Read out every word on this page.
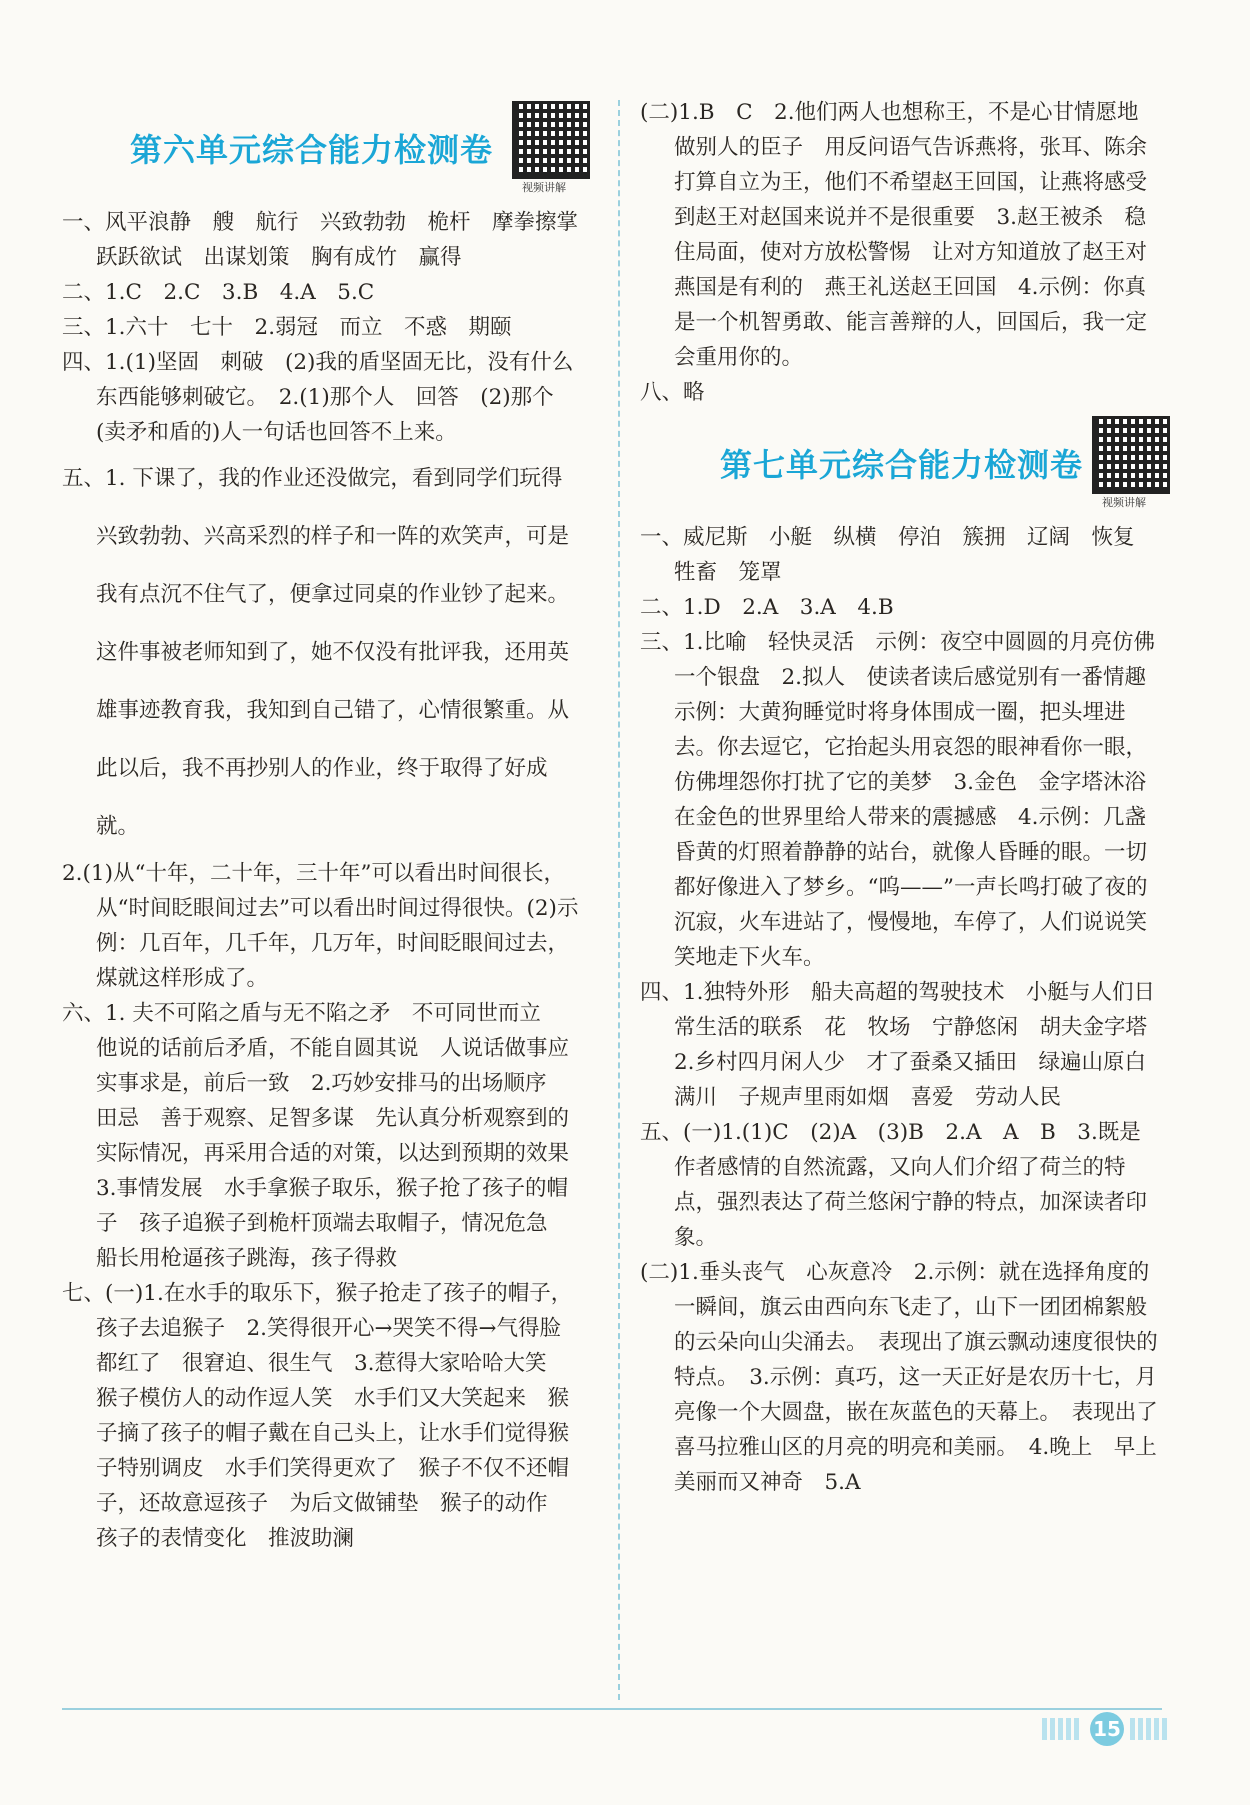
第六单元综合能力检测卷
视频讲解

一、风平浪静　艘　航行　兴致勃勃　桅杆　摩拳擦掌　跃跃欲试　出谋划策　胸有成竹　赢得

二、1.C　2.C　3.B　4.A　5.C

三、1.六十　七十　2.弱冠　而立　不惑　期颐

四、1.(1)坚固　刺破　(2)我的盾坚固无比，没有什么东西能够刺破它。　2.(1)那个人　回答　(2)那个(卖矛和盾的)人一句话也回答不上来。

五、1. 下课了，我的作业还没做完，看到同学们玩得兴致勃勃、兴高采烈的样子和一阵的欢笑声，可是我有点沉不住气了，便拿过同桌的作业钞了起来。这件事被老师知到了，她不仅没有批评我，还用英雄事迹教育我，我知到自己错了，心情很繁重。从此以后，我不再抄别人的作业，终于取得了好成就。

2.(1)从“十年，二十年，三十年”可以看出时间很长，从“时间眨眼间过去”可以看出时间过得很快。(2)示例：几百年，几千年，几万年，时间眨眼间过去，煤就这样形成了。

六、1. 夫不可陷之盾与无不陷之矛　不可同世而立　他说的话前后矛盾，不能自圆其说　人说话做事应实事求是，前后一致　2.巧妙安排马的出场顺序　田忌　善于观察、足智多谋　先认真分析观察到的实际情况，再采用合适的对策，以达到预期的效果　3.事情发展　水手拿猴子取乐，猴子抢了孩子的帽子　孩子追猴子到桅杆顶端去取帽子，情况危急　船长用枪逼孩子跳海，孩子得救

七、(一)1.在水手的取乐下，猴子抢走了孩子的帽子，孩子去追猴子　2.笑得很开心→哭笑不得→气得脸都红了　很窘迫、很生气　3.惹得大家哈哈大笑　猴子模仿人的动作逗人笑　水手们又大笑起来　猴子摘了孩子的帽子戴在自己头上，让水手们觉得猴子特别调皮　水手们笑得更欢了　猴子不仅不还帽子，还故意逗孩子　为后文做铺垫　猴子的动作　孩子的表情变化　推波助澜

(二)1.B　C　2.他们两人也想称王，不是心甘情愿地做别人的臣子　用反问语气告诉燕将，张耳、陈余打算自立为王，他们不希望赵王回国，让燕将感受到赵王对赵国来说并不是很重要　3.赵王被杀　稳住局面，使对方放松警惕　让对方知道放了赵王对燕国是有利的　燕王礼送赵王回国　4.示例：你真是一个机智勇敢、能言善辩的人，回国后，我一定会重用你的。

八、略

第七单元综合能力检测卷
视频讲解

一、威尼斯　小艇　纵横　停泊　簇拥　辽阔　恢复　牲畜　笼罩

二、1.D　2.A　3.A　4.B

三、1.比喻　轻快灵活　示例：夜空中圆圆的月亮仿佛一个银盘　2.拟人　使读者读后感觉别有一番情趣　示例：大黄狗睡觉时将身体围成一圈，把头埋进去。你去逗它，它抬起头用哀怨的眼神看你一眼，仿佛埋怨你打扰了它的美梦　3.金色　金字塔沐浴在金色的世界里给人带来的震撼感　4.示例：几盏昏黄的灯照着静静的站台，就像人昏睡的眼。一切都好像进入了梦乡。“呜——”一声长鸣打破了夜的沉寂，火车进站了，慢慢地，车停了，人们说说笑笑地走下火车。

四、1.独特外形　船夫高超的驾驶技术　小艇与人们日常生活的联系　花　牧场　宁静悠闲　胡夫金字塔　2.乡村四月闲人少　才了蚕桑又插田　绿遍山原白满川　子规声里雨如烟　喜爱　劳动人民

五、(一)1.(1)C　(2)A　(3)B　2.A　A　B　3.既是作者感情的自然流露，又向人们介绍了荷兰的特点，强烈表达了荷兰悠闲宁静的特点，加深读者印象。

(二)1.垂头丧气　心灰意冷　2.示例：就在选择角度的一瞬间，旗云由西向东飞走了，山下一团团棉絮般的云朵向山尖涌去。　表现出了旗云飘动速度很快的特点。　3.示例：真巧，这一天正好是农历十七，月亮像一个大圆盘，嵌在灰蓝色的天幕上。　表现出了喜马拉雅山区的月亮的明亮和美丽。　4.晚上　早上　美丽而又神奇　5.A

15
